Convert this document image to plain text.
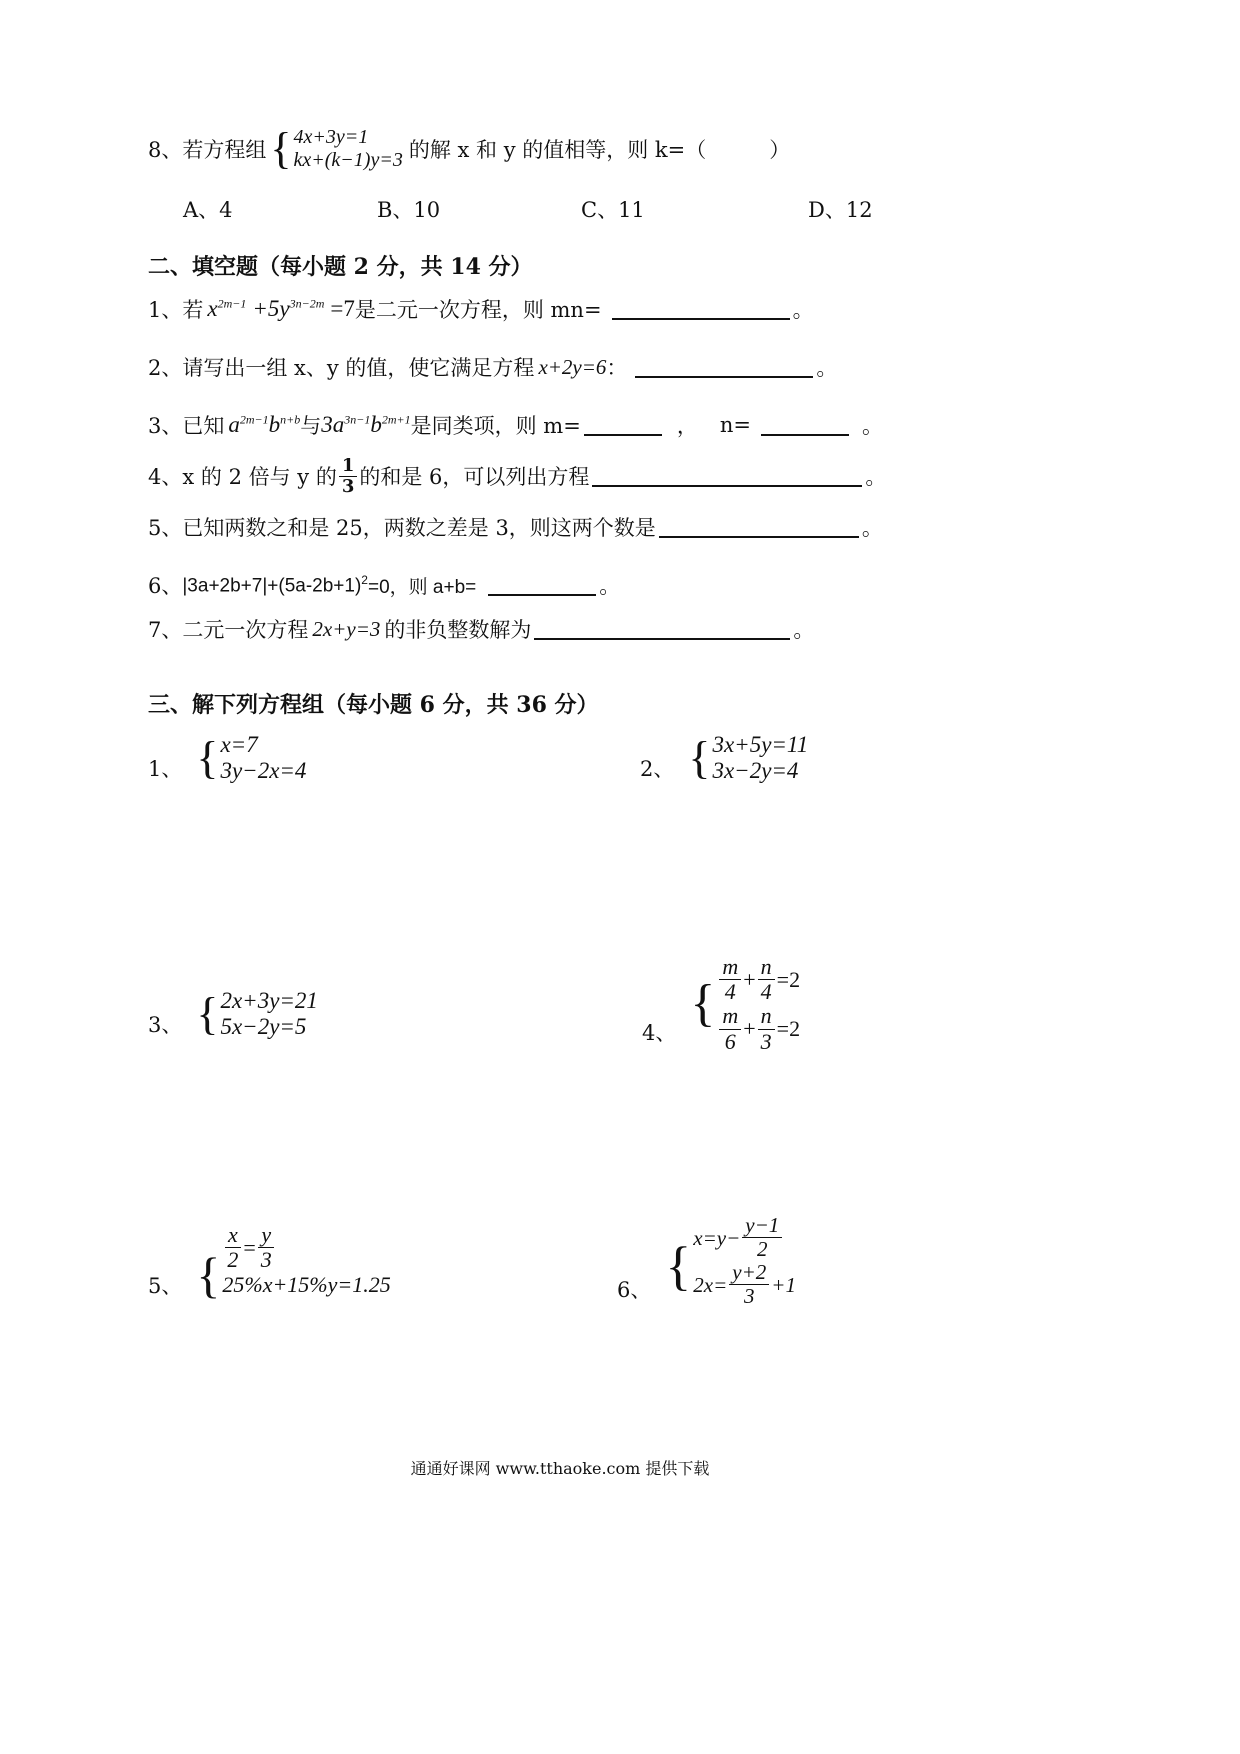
8、 若方程组 { 4x+3y=1
kx+(k−1)y=3 的解 x 和 y 的值相等，则 k=（　　　）
A、4	B、10	C、11	D、12
二、填空题（每小题 2 分，共 14 分）
1、 若 $x^{2m-1} +5y^{3n-2m} =7$ 是二元一次方程，则 mn=	。
2、 请写出一组 x、y 的值，使它满足方程 x+2y=6 ：	。
3、 已知 $a^{2m-1}b^{n+b}$ 与 $3a^{3n-1}b^{2m+1}$ 是同类项，则 m=	， n=	。
4、 x 的 2 倍与 y 的 $\frac{1}{3}$ 的和是 6，可以列出方程	。
5、 已知两数之和是 25，两数之差是 3，则这两个数是	。
6、 $|3a+2b+7|+(5a-2b+1)^2 =0$，则 a+b=	。
7、 二元一次方程 2x+y=3 的非负整数解为	。
三、解下列方程组（每小题 6 分，共 36 分）
1、 { x=7
3y−2x=4	2、 { 3x+5y=11
3x−2y=4
3、 { 2x+3y=21
5x−2y=5	4、
{ $\frac{m}{4} + \frac{n}{4} =2$
$\frac{m}{6} + \frac{n}{3} =2$
5、 { $\frac{x}{2} = \frac{y}{3}$
25%x+15%y=1.25	6、 { $x=y- \frac{y-1}{2}$
$2x= \frac{y+2}{3} +1$
通通好课网 www.tthaoke.com 提供下载
